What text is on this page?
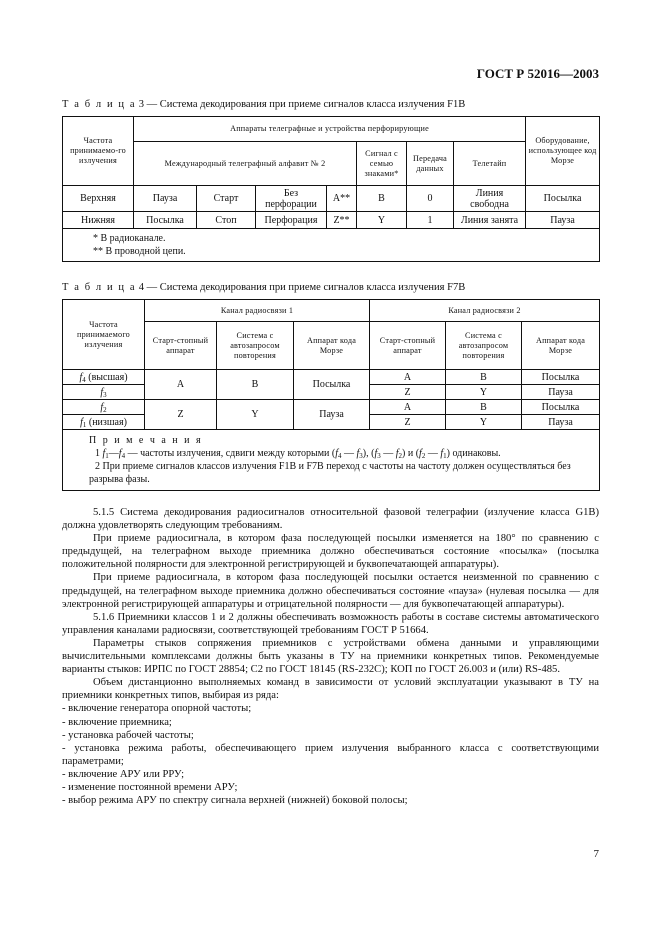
ГОСТ Р 52016—2003
Т а б л и ц а 3 — Система декодирования при приеме сигналов класса излучения F1B
Частота принимаемо-го излучения	Аппараты телеграфные и устройства перфорирующие							Оборудование, использующее код Морзе
	Международный телеграфный алфавит № 2				Сигнал с семью знаками*	Передача данных	Телетайп	
Верхняя	Пауза	Старт	Без перфорации	А**	В	0	Линия свободна	Посылка
Нижняя	Посылка	Стоп	Перфорация	Z**	Y	1	Линия занята	Пауза

* В радиоканале.
** В проводной цепи.								
Т а б л и ц а 4 — Система декодирования при приеме сигналов класса излучения F7B
Частота принимаемого излучения	Канал радиосвязи 1			Канал радиосвязи 2		
	Старт-стопный аппарат	Система с автозапросом повторения	Аппарат кода Морзе	Старт-стопный аппарат	Система с автозапросом повторения	Аппарат кода Морзе
$f_4$ (высшая)	А	В	Посылка	А	В	Посылка
$f_3$				Z	Y	Пауза
$f_2$	Z	Y	Пауза	А	В	Посылка
$f_1$ (низшая)				Z	Y	Пауза

П р и м е ч а н и я

1 $f_1—f_4$ — частоты излучения, сдвиги между которыми ($f_4$ — $f_3$), ($f_3$ — $f_2$) и ($f_2$ — $f_1$) одинаковы.

2 При приеме сигналов классов излучения F1B и F7B переход с частоты на частоту должен осуществляться без разрыва фазы.						

5.1.5 Система декодирования радиосигналов относительной фазовой телеграфии (излучение класса G1B) должна удовлетворять следующим требованиям.

При приеме радиосигнала, в котором фаза последующей посылки изменяется на 180° по сравнению с предыдущей, на телеграфном выходе приемника должно обеспечиваться состояние «посылка» (посылка положительной полярности для электронной регистрирующей и буквопечатающей аппаратуры).

При приеме радиосигнала, в котором фаза последующей посылки остается неизменной по сравнению с предыдущей, на телеграфном выходе приемника должно обеспечиваться состояние «пауза» (нулевая посылка — для электронной регистрирующей аппаратуры и отрицательной полярности — для буквопечатающей аппаратуры).

5.1.6 Приемники классов 1 и 2 должны обеспечивать возможность работы в составе системы автоматического управления каналами радиосвязи, соответствующей требованиям ГОСТ Р 51664.

Параметры стыков сопряжения приемников с устройствами обмена данными и управляющими вычислительными комплексами должны быть указаны в ТУ на приемники конкретных типов. Рекомендуемые варианты стыков: ИРПС по ГОСТ 28854; С2 по ГОСТ 18145 (RS-232C); КОП по ГОСТ 26.003 и (или) RS-485.

Объем дистанционно выполняемых команд в зависимости от условий эксплуатации указывают в ТУ на приемники конкретных типов, выбирая из ряда:

- включение генератора опорной частоты;
- включение приемника;
- установка рабочей частоты;
- установка режима работы, обеспечивающего прием излучения выбранного класса с соответствующими параметрами;
- включение АРУ или РРУ;
- изменение постоянной времени АРУ;
- выбор режима АРУ по спектру сигнала верхней (нижней) боковой полосы;
7
